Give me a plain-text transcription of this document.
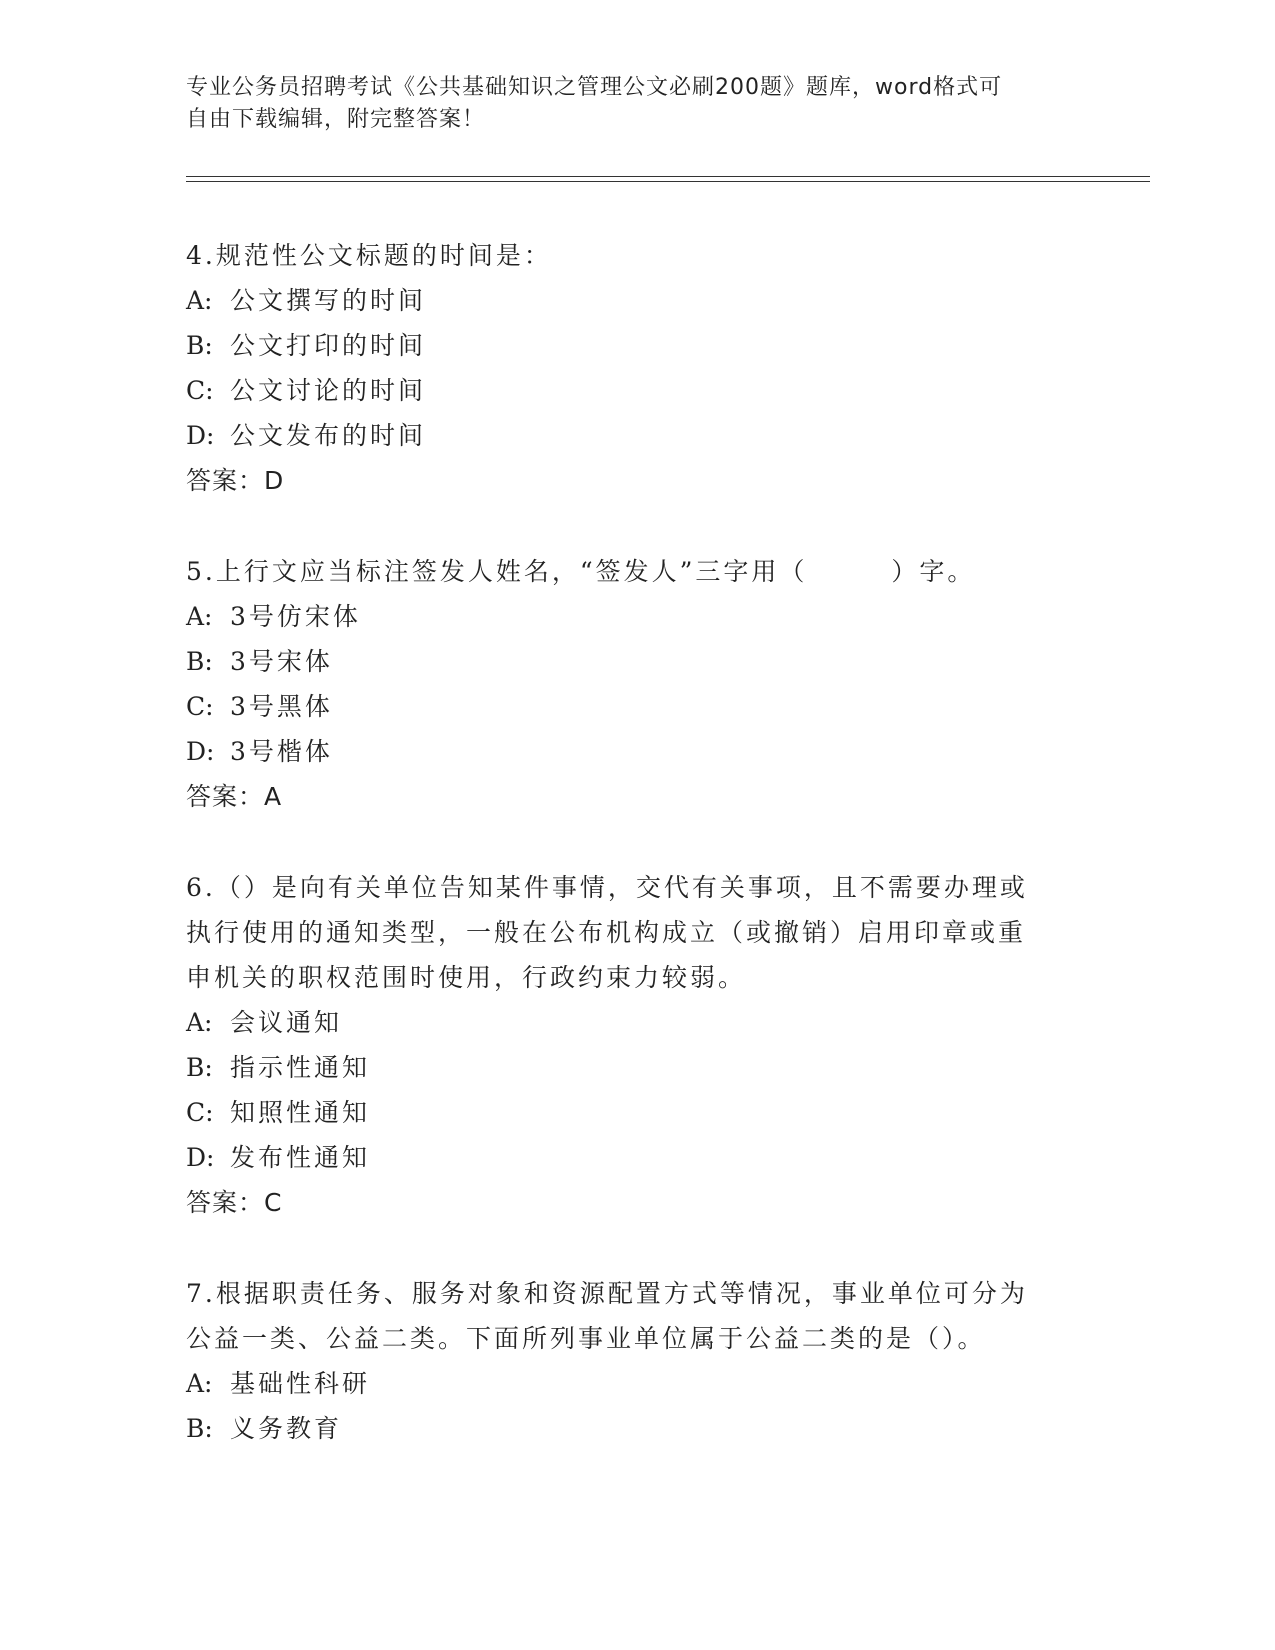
专业公务员招聘考试《公共基础知识之管理公文必刷200题》题库，word格式可
自由下载编辑，附完整答案！
4.规范性公文标题的时间是：
A: 公文撰写的时间
B: 公文打印的时间
C: 公文讨论的时间
D: 公文发布的时间
答案：D
5.上行文应当标注签发人姓名，“签发人”三字用（　　　）字。
A: 3号仿宋体
B: 3号宋体
C: 3号黑体
D: 3号楷体
答案：A
6.（）是向有关单位告知某件事情，交代有关事项，且不需要办理或
执行使用的通知类型，一般在公布机构成立（或撤销）启用印章或重
申机关的职权范围时使用，行政约束力较弱。
A: 会议通知
B: 指示性通知
C: 知照性通知
D: 发布性通知
答案：C
7.根据职责任务、服务对象和资源配置方式等情况，事业单位可分为
公益一类、公益二类。下面所列事业单位属于公益二类的是（）。
A: 基础性科研
B: 义务教育
